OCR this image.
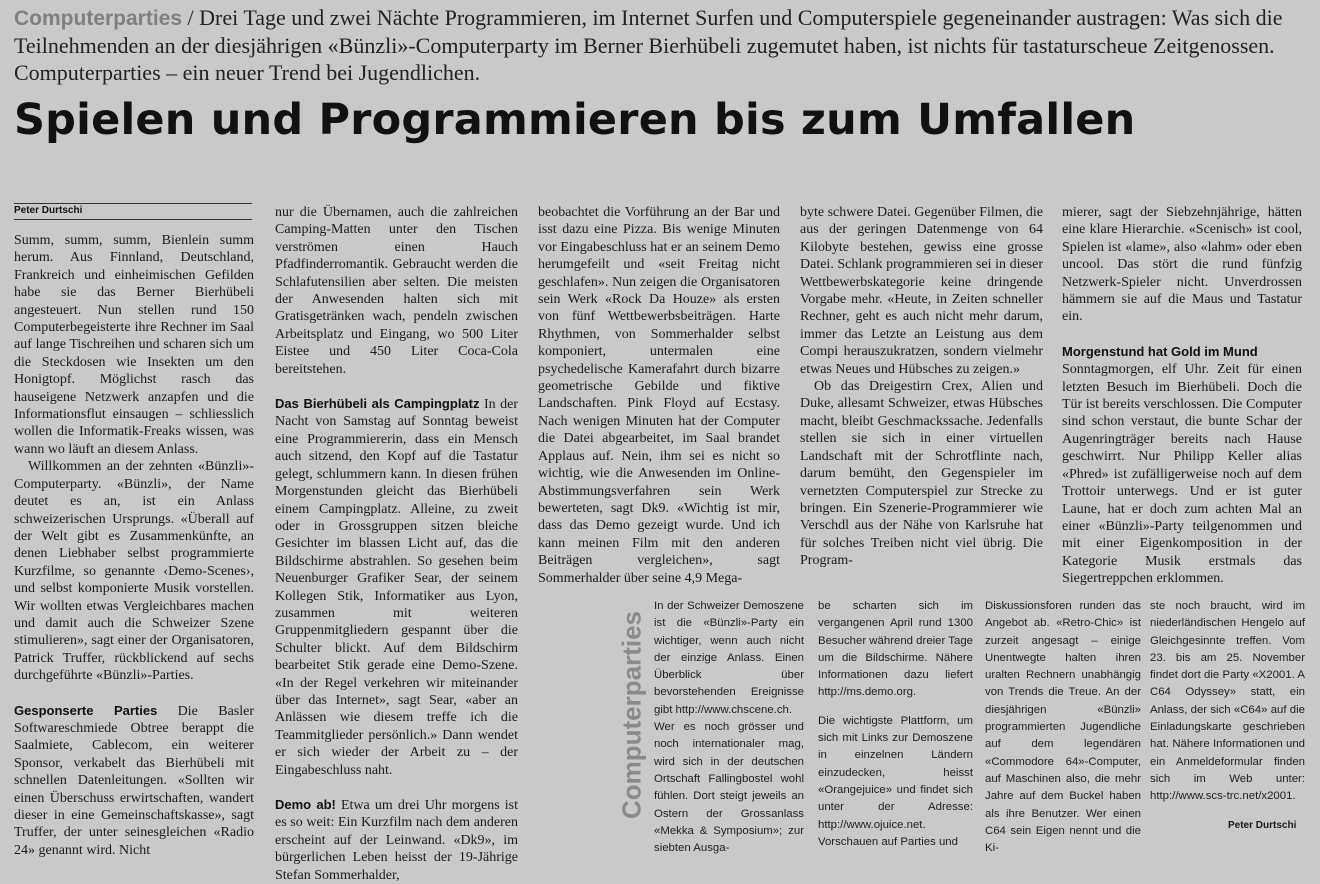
Computerparties / Drei Tage und zwei Nächte Programmieren, im Internet Surfen und Computerspiele gegeneinander austragen: Was sich die Teilnehmenden an der diesjährigen «Bünzli»-Computerparty im Berner Bierhübeli zugemutet haben, ist nichts für tastaturscheue Zeitgenossen. Computerparties – ein neuer Trend bei Jugendlichen.
Spielen und Programmieren bis zum Umfallen
Peter Durtschi

Summ, summ, summ, Bienlein summ herum. Aus Finnland, Deutschland, Frankreich und einheimischen Gefilden habe sie das Berner Bierhübeli angesteuert. Nun stellen rund 150 Computerbegeisterte ihre Rechner im Saal auf lange Tischreihen und scharen sich um die Steckdosen wie Insekten um den Honigtopf. Möglichst rasch das hauseigene Netzwerk anzapfen und die Informationsflut einsaugen – schliesslich wollen die Informatik-Freaks wissen, was wann wo läuft an diesem Anlass.

Willkommen an der zehnten «Bünzli»-Computerparty. «Bünzli», der Name deutet es an, ist ein Anlass schweizerischen Ursprungs. «Überall auf der Welt gibt es Zusammenkünfte, an denen Liebhaber selbst programmierte Kurzfilme, so genannte ‹Demo-Scenes›, und selbst komponierte Musik vorstellen. Wir wollten etwas Vergleichbares machen und damit auch die Schweizer Szene stimulieren», sagt einer der Organisatoren, Patrick Truffer, rückblickend auf sechs durchgeführte «Bünzli»-Parties.

Gesponserte Parties Die Basler Softwareschmiede Obtree berappt die Saalmiete, Cablecom, ein weiterer Sponsor, verkabelt das Bierhübeli mit schnellen Datenleitungen. «Sollten wir einen Überschuss erwirtschaften, wandert dieser in eine Gemeinschaftskasse», sagt Truffer, der unter seinesgleichen «Radio 24» genannt wird. Nicht

nur die Übernamen, auch die zahlreichen Camping-Matten unter den Tischen verströmen einen Hauch Pfadfinderromantik. Gebraucht werden die Schlafutensilien aber selten. Die meisten der Anwesenden halten sich mit Gratisgetränken wach, pendeln zwischen Arbeitsplatz und Eingang, wo 500 Liter Eistee und 450 Liter Coca-Cola bereitstehen.

Das Bierhübeli als Campingplatz In der Nacht von Samstag auf Sonntag beweist eine Programmiererin, dass ein Mensch auch sitzend, den Kopf auf die Tastatur gelegt, schlummern kann. In diesen frühen Morgenstunden gleicht das Bierhübeli einem Campingplatz. Alleine, zu zweit oder in Grossgruppen sitzen bleiche Gesichter im blassen Licht auf, das die Bildschirme abstrahlen. So gesehen beim Neuenburger Grafiker Sear, der seinem Kollegen Stik, Informatiker aus Lyon, zusammen mit weiteren Gruppenmitgliedern gespannt über die Schulter blickt. Auf dem Bildschirm bearbeitet Stik gerade eine Demo-Szene. «In der Regel verkehren wir miteinander über das Internet», sagt Sear, «aber an Anlässen wie diesem treffe ich die Teammitglieder persönlich.» Dann wendet er sich wieder der Arbeit zu – der Eingabeschluss naht.

Demo ab! Etwa um drei Uhr morgens ist es so weit: Ein Kurzfilm nach dem anderen erscheint auf der Leinwand. «Dk9», im bürgerlichen Leben heisst der 19-Jährige Stefan Sommerhalder,

beobachtet die Vorführung an der Bar und isst dazu eine Pizza. Bis wenige Minuten vor Eingabeschluss hat er an seinem Demo herumgefeilt und «seit Freitag nicht geschlafen». Nun zeigen die Organisatoren sein Werk «Rock Da Houze» als ersten von fünf Wettbewerbsbeiträgen. Harte Rhythmen, von Sommerhalder selbst komponiert, untermalen eine psychedelische Kamerafahrt durch bizarre geometrische Gebilde und fiktive Landschaften. Pink Floyd auf Ecstasy. Nach wenigen Minuten hat der Computer die Datei abgearbeitet, im Saal brandet Applaus auf. Nein, ihm sei es nicht so wichtig, wie die Anwesenden im Online-Abstimmungsverfahren sein Werk bewerteten, sagt Dk9. «Wichtig ist mir, dass das Demo gezeigt wurde. Und ich kann meinen Film mit den anderen Beiträgen vergleichen», sagt Sommerhalder über seine 4,9 Mega-

byte schwere Datei. Gegenüber Filmen, die aus der geringen Datenmenge von 64 Kilobyte bestehen, gewiss eine grosse Datei. Schlank programmieren sei in dieser Wettbewerbskategorie keine dringende Vorgabe mehr. «Heute, in Zeiten schneller Rechner, geht es auch nicht mehr darum, immer das Letzte an Leistung aus dem Compi herauszukratzen, sondern vielmehr etwas Neues und Hübsches zu zeigen.»

Ob das Dreigestirn Crex, Alien und Duke, allesamt Schweizer, etwas Hübsches macht, bleibt Geschmackssache. Jedenfalls stellen sie sich in einer virtuellen Landschaft mit der Schrotflinte nach, darum bemüht, den Gegenspieler im vernetzten Computerspiel zur Strecke zu bringen. Ein Szenerie-Programmierer wie Verschdl aus der Nähe von Karlsruhe hat für solches Treiben nicht viel übrig. Die Program-

mierer, sagt der Siebzehnjährige, hätten eine klare Hierarchie. «Scenisch» ist cool, Spielen ist «lame», also «lahm» oder eben uncool. Das stört die rund fünfzig Netzwerk-Spieler nicht. Unverdrossen hämmern sie auf die Maus und Tastatur ein.

Morgenstund hat Gold im Mund

Sonntagmorgen, elf Uhr. Zeit für einen letzten Besuch im Bierhübeli. Doch die Tür ist bereits verschlossen. Die Computer sind schon verstaut, die bunte Schar der Augenringträger bereits nach Hause geschwirrt. Nur Philipp Keller alias «Phred» ist zufälligerweise noch auf dem Trottoir unterwegs. Und er ist guter Laune, hat er doch zum achten Mal an einer «Bünzli»-Party teilgenommen und mit einer Eigenkomposition in der Kategorie Musik erstmals das Siegertreppchen erklommen.

Computerparties

In der Schweizer Demoszene ist die «Bünzli»-Party ein wichtiger, wenn auch nicht der einzige Anlass. Einen Überblick über bevorstehenden Ereignisse gibt http://www.chscene.ch.

Wer es noch grösser und noch internationaler mag, wird sich in der deutschen Ortschaft Fallingbostel wohl fühlen. Dort steigt jeweils an Ostern der Grossanlass «Mekka & Symposium»; zur siebten Ausga-

be scharten sich im vergangenen April rund 1300 Besucher während dreier Tage um die Bildschirme. Nähere Informationen dazu liefert http://ms.demo.org.

Die wichtigste Plattform, um sich mit Links zur Demoszene in einzelnen Ländern einzudecken, heisst «Orangejuice» und findet sich unter der Adresse: http://www.ojuice.net. Vorschauen auf Parties und

Diskussionsforen runden das Angebot ab. «Retro-Chic» ist zurzeit angesagt – einige Unentwegte halten ihren uralten Rechnern unabhängig von Trends die Treue. An der diesjährigen «Bünzli» programmierten Jugendliche auf dem legendären «Commodore 64»-Computer, auf Maschinen also, die mehr Jahre auf dem Buckel haben als ihre Benutzer. Wer einen C64 sein Eigen nennt und die Ki-

ste noch braucht, wird im niederländischen Hengelo auf Gleichgesinnte treffen. Vom 23. bis am 25. November findet dort die Party «X2001. A C64 Odyssey» statt, ein Anlass, der sich «C64» auf die Einladungskarte geschrieben hat. Nähere Informationen und ein Anmeldeformular finden sich im Web unter: http://www.scs-trc.net/x2001.

Peter Durtschi
